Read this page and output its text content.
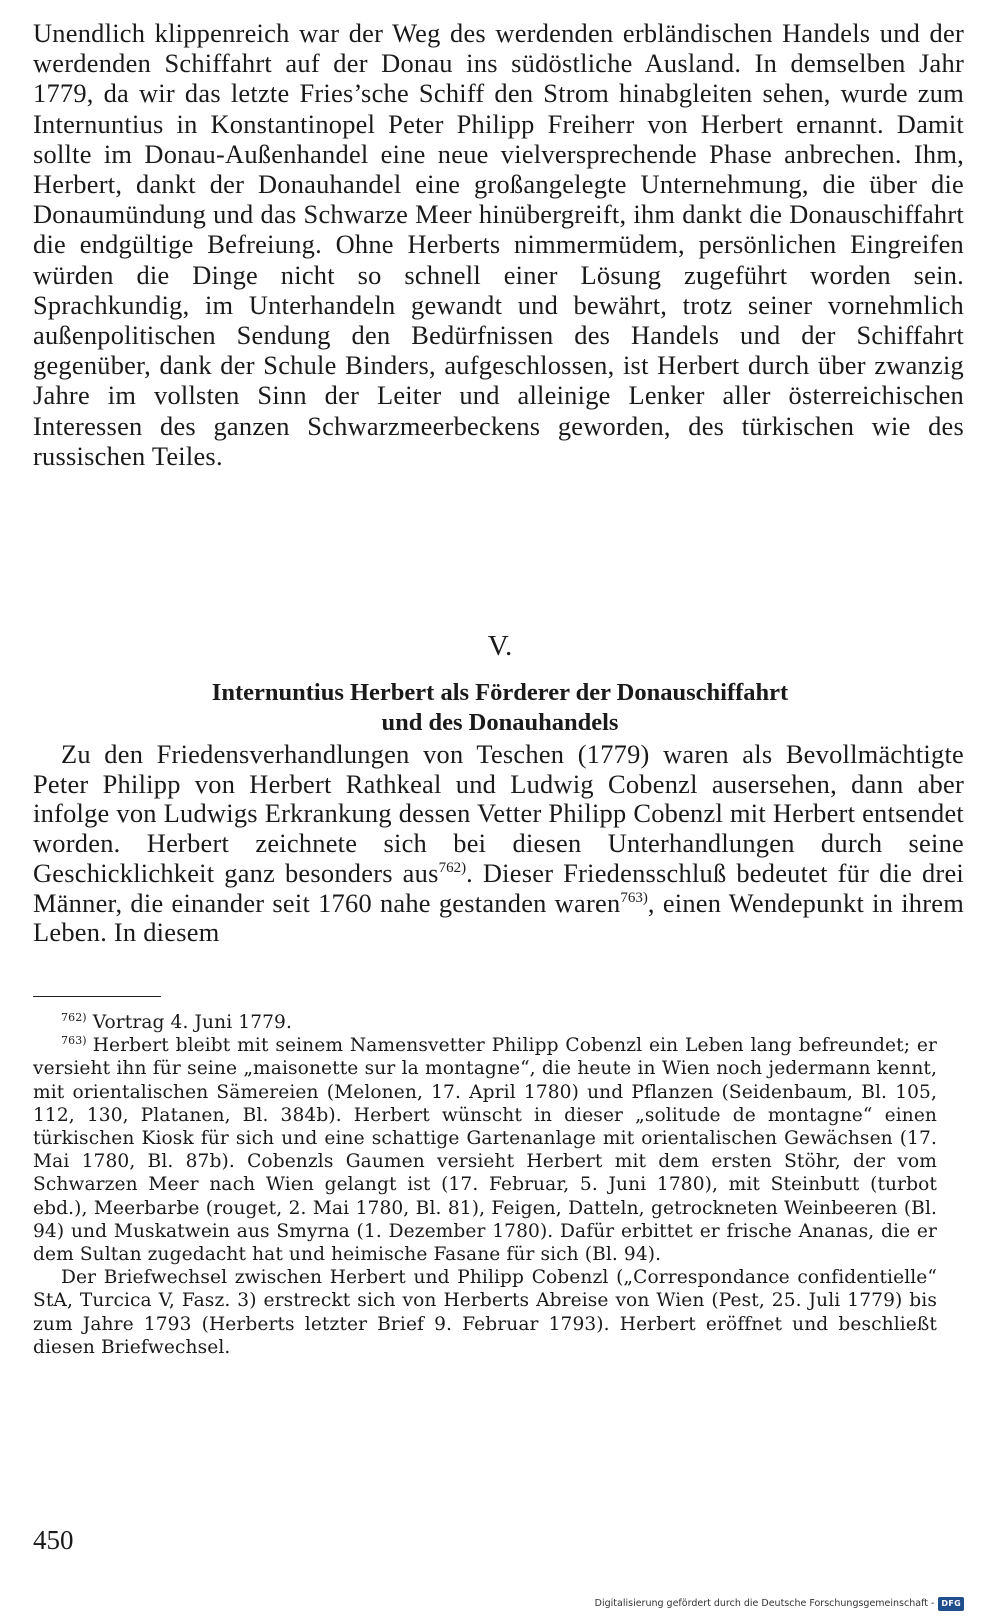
Unendlich klippenreich war der Weg des werdenden erbländischen Handels und der werdenden Schiffahrt auf der Donau ins südöstliche Ausland. In demselben Jahr 1779, da wir das letzte Fries’sche Schiff den Strom hinabgleiten sehen, wurde zum Internuntius in Konstantinopel Peter Philipp Freiherr von Herbert ernannt. Damit sollte im Donau-Außenhandel eine neue vielversprechende Phase anbrechen. Ihm, Herbert, dankt der Donauhandel eine großangelegte Unternehmung, die über die Donaumündung und das Schwarze Meer hinübergreift, ihm dankt die Donauschiffahrt die endgültige Befreiung. Ohne Herberts nimmermüdem, persönlichen Eingreifen würden die Dinge nicht so schnell einer Lösung zugeführt worden sein. Sprachkundig, im Unterhandeln gewandt und bewährt, trotz seiner vornehmlich außenpolitischen Sendung den Bedürfnissen des Handels und der Schiffahrt gegenüber, dank der Schule Binders, aufgeschlossen, ist Herbert durch über zwanzig Jahre im vollsten Sinn der Leiter und alleinige Lenker aller österreichischen Interessen des ganzen Schwarzmeerbeckens geworden, des türkischen wie des russischen Teiles.

V.

Internuntius Herbert als Förderer der Donauschiffahrt
und des Donauhandels

Zu den Friedensverhandlungen von Teschen (1779) waren als Bevollmächtigte Peter Philipp von Herbert Rathkeal und Ludwig Cobenzl ausersehen, dann aber infolge von Ludwigs Erkrankung dessen Vetter Philipp Cobenzl mit Herbert entsendet worden. Herbert zeichnete sich bei diesen Unterhandlungen durch seine Geschicklichkeit ganz besonders aus$^{762)}$. Dieser Friedensschluß bedeutet für die drei Männer, die einander seit 1760 nahe gestanden waren$^{763)}$, einen Wendepunkt in ihrem Leben. In diesem

$^{762)}$ Vortrag 4. Juni 1779.

$^{763)}$ Herbert bleibt mit seinem Namensvetter Philipp Cobenzl ein Leben lang befreundet; er versieht ihn für seine „maisonette sur la montagne“, die heute in Wien noch jedermann kennt, mit orientalischen Sämereien (Melonen, 17. April 1780) und Pflanzen (Seidenbaum, Bl. 105, 112, 130, Platanen, Bl. 384b). Herbert wünscht in dieser „solitude de montagne“ einen türkischen Kiosk für sich und eine schattige Gartenanlage mit orientalischen Gewächsen (17. Mai 1780, Bl. 87b). Cobenzls Gaumen versieht Herbert mit dem ersten Stöhr, der vom Schwarzen Meer nach Wien gelangt ist (17. Februar, 5. Juni 1780), mit Steinbutt (turbot ebd.), Meerbarbe (rouget, 2. Mai 1780, Bl. 81), Feigen, Datteln, getrockneten Weinbeeren (Bl. 94) und Muskatwein aus Smyrna (1. Dezember 1780). Dafür erbittet er frische Ananas, die er dem Sultan zugedacht hat und heimische Fasane für sich (Bl. 94).

Der Briefwechsel zwischen Herbert und Philipp Cobenzl („Correspondance confidentielle“ StA, Turcica V, Fasz. 3) erstreckt sich von Herberts Abreise von Wien (Pest, 25. Juli 1779) bis zum Jahre 1793 (Herberts letzter Brief 9. Februar 1793). Herbert eröffnet und beschließt diesen Briefwechsel.

450
Digitalisierung gefördert durch die Deutsche Forschungsgemeinschaft - DFG
